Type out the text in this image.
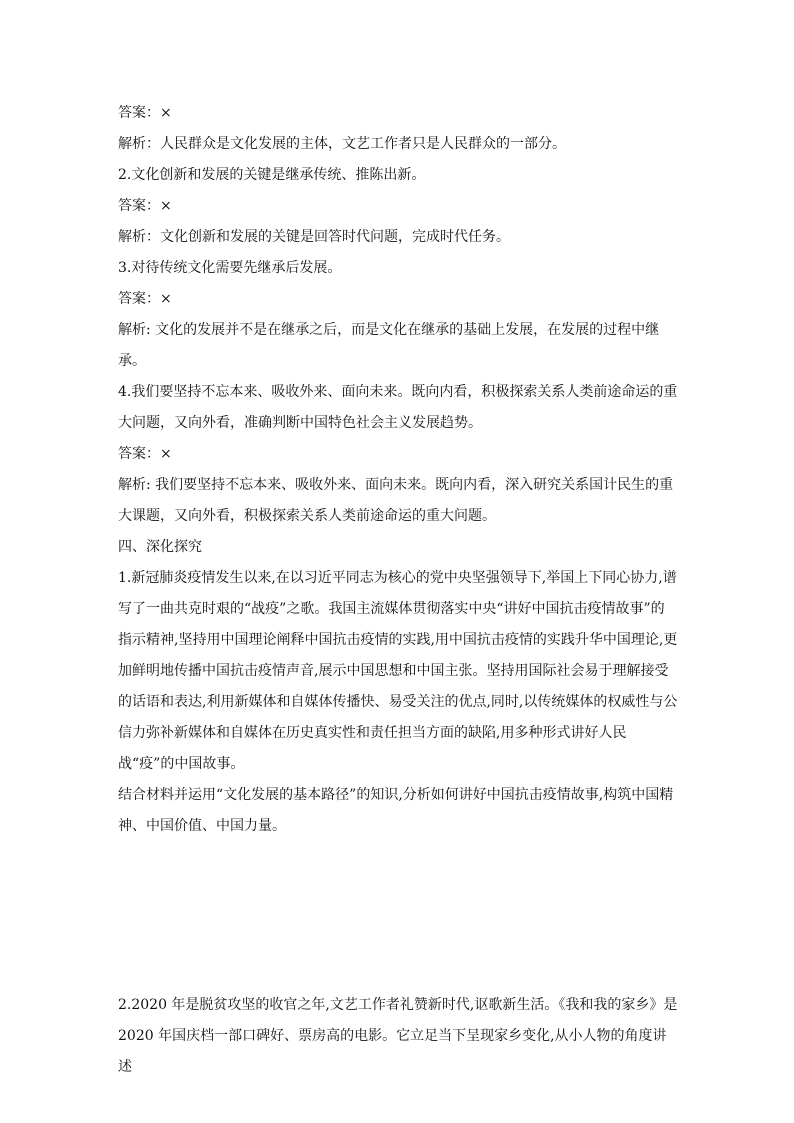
答案：×

解析：人民群众是文化发展的主体，文艺工作者只是人民群众的一部分。

2.文化创新和发展的关键是继承传统、推陈出新。

答案：×

解析：文化创新和发展的关键是回答时代问题，完成时代任务。

3.对待传统文化需要先继承后发展。

答案：×

解析: 文化的发展并不是在继承之后，而是文化在继承的基础上发展，在发展的过程中继承。

4.我们要坚持不忘本来、吸收外来、面向未来。既向内看，积极探索关系人类前途命运的重大问题，又向外看，准确判断中国特色社会主义发展趋势。

答案：×

解析: 我们要坚持不忘本来、吸收外来、面向未来。既向内看，深入研究关系国计民生的重大课题，又向外看，积极探索关系人类前途命运的重大问题。

四、深化探究

1.新冠肺炎疫情发生以来,在以习近平同志为核心的党中央坚强领导下,举国上下同心协力,谱写了一曲共克时艰的“战疫”之歌。我国主流媒体贯彻落实中央“讲好中国抗击疫情故事”的指示精神,坚持用中国理论阐释中国抗击疫情的实践,用中国抗击疫情的实践升华中国理论,更加鲜明地传播中国抗击疫情声音,展示中国思想和中国主张。坚持用国际社会易于理解接受的话语和表达,利用新媒体和自媒体传播快、易受关注的优点,同时,以传统媒体的权威性与公信力弥补新媒体和自媒体在历史真实性和责任担当方面的缺陷,用多种形式讲好人民战“疫”的中国故事。

结合材料并运用“文化发展的基本路径”的知识,分析如何讲好中国抗击疫情故事,构筑中国精神、中国价值、中国力量。

2.2020 年是脱贫攻坚的收官之年,文艺工作者礼赞新时代,讴歌新生活。《我和我的家乡》是 2020 年国庆档一部口碑好、票房高的电影。它立足当下呈现家乡变化,从小人物的角度讲述
